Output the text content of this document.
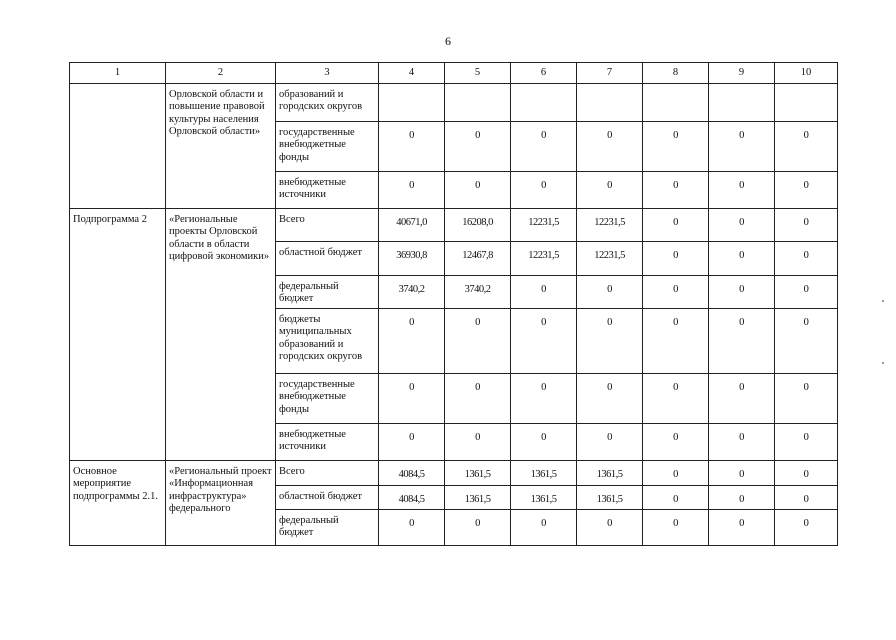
6
1	2	3	4	5	6	7	8	9	10
	Орловской области и повышение правовой культуры населения Орловской области»	образований и городских округов							
		государственные внебюджетные фонды	0	0	0	0	0	0	0
		внебюджетные источники	0	0	0	0	0	0	0
Подпрограмма 2	«Региональные проекты Орловской области в области цифровой экономики»	Всего	40671,0	16208,0	12231,5	12231,5	0	0	0
		областной бюджет	36930,8	12467,8	12231,5	12231,5	0	0	0
		федеральный бюджет	3740,2	3740,2	0	0	0	0	0
		бюджеты муниципальных образований и городских округов	0	0	0	0	0	0	0
		государственные внебюджетные фонды	0	0	0	0	0	0	0
		внебюджетные источники	0	0	0	0	0	0	0
Основное мероприятие подпрограммы 2.1.	«Региональный проект «Информационная инфраструктура» федерального	Всего	4084,5	1361,5	1361,5	1361,5	0	0	0
		областной бюджет	4084,5	1361,5	1361,5	1361,5	0	0	0
		федеральный бюджет	0	0	0	0	0	0	0
